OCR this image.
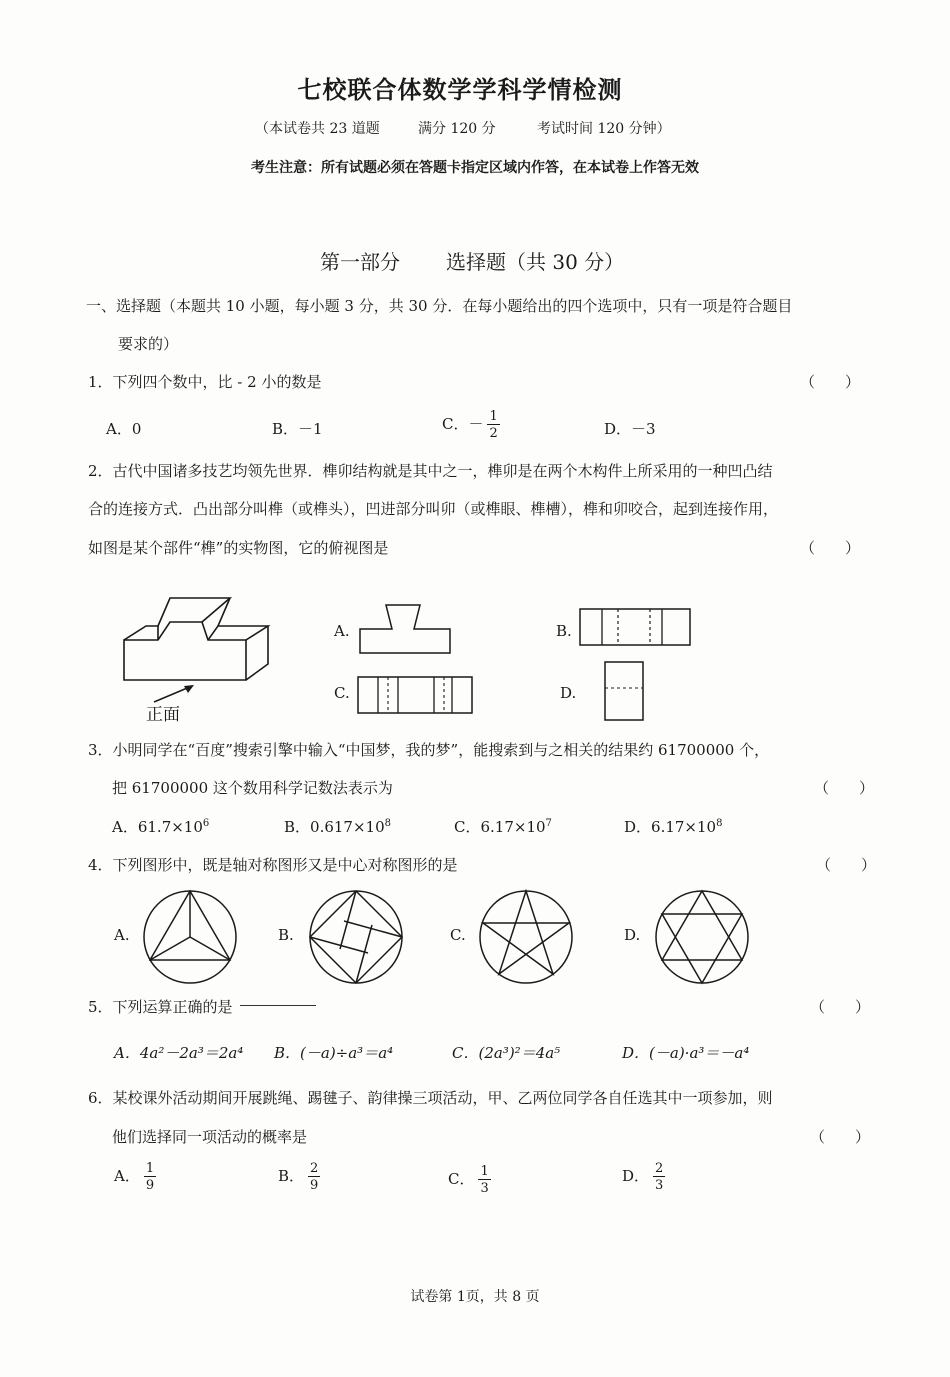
七校联合体数学学科学情检测
（本试卷共 23 道题	满分 120 分	考试时间 120 分钟）
考生注意：所有试题必须在答题卡指定区域内作答，在本试卷上作答无效
第一部分 选择题（共 30 分）
一、选择题（本题共 10 小题，每小题 3 分，共 30 分．在每小题给出的四个选项中，只有一项是符合题目
要求的）
1．下列四个数中，比 - 2 小的数是	（　　）
A．0	B．－1	C．－ $\frac{1}{2}$	D．－3
2．古代中国诸多技艺均领先世界．榫卯结构就是其中之一，榫卯是在两个木构件上所采用的一种凹凸结
合的连接方式．凸出部分叫榫（或榫头），凹进部分叫卯（或榫眼、榫槽），榫和卯咬合，起到连接作用，
如图是某个部件“榫”的实物图，它的俯视图是	（　　）
正面
A.	B.
C.	D.
3．小明同学在“百度”搜索引擎中输入“中国梦，我的梦”，能搜索到与之相关的结果约 61700000 个，
把 61700000 这个数用科学记数法表示为	（　　）
A．$61.7\times 10^6$	B．$0.617\times 10^8$	C．$6.17\times 10^7$	D．$6.17\times 10^8$
4．下列图形中，既是轴对称图形又是中心对称图形的是	（　　）
A.	B.	C.	D.
5．下列运算正确的是	（　　）
A．4a²－2a³＝2a⁴ B．(－a)÷a³＝a⁴	C．(2a³)²＝4a⁵	D．(－a)·a³＝－a⁴
6．某校课外活动期间开展跳绳、踢毽子、韵律操三项活动，甲、乙两位同学各自任选其中一项参加，则
他们选择同一项活动的概率是	（　　）
A． $\frac{1}{9}$	B． $\frac{2}{9}$	C． $\frac{1}{3}$	D． $\frac{2}{3}$
试卷第 1页，共 8 页
